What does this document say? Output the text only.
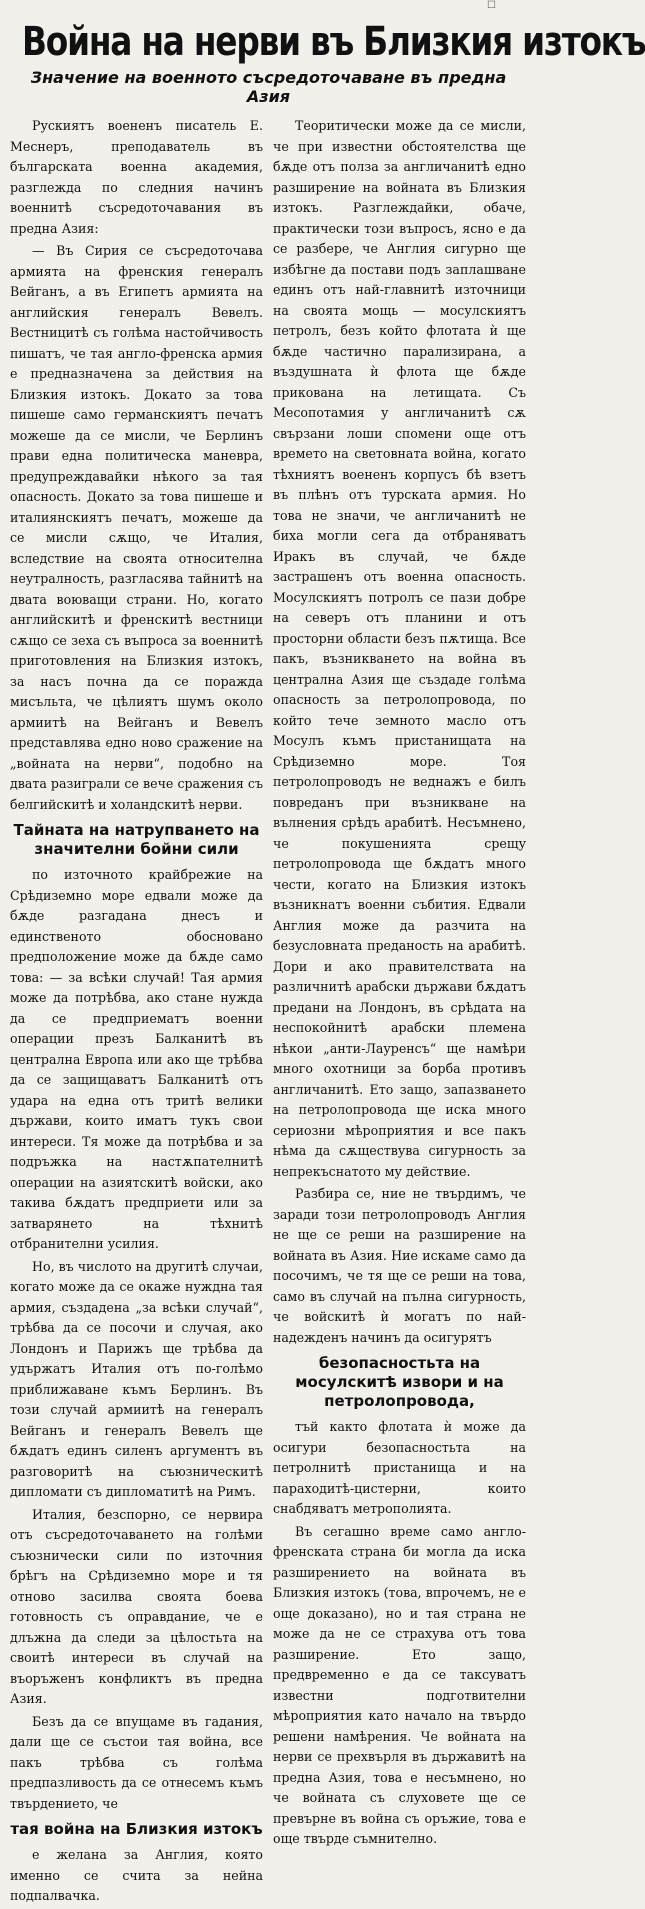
☐
Война на нерви въ Близкия изтокъ
Значение на военното съсредоточаване въ предна Азия

Рускиятъ воененъ писатель Е. Меснеръ, преподаватель въ българската военна академия, разглежда по следния начинъ военнитѣ съсредоточавания въ предна Азия:

— Въ Сирия се съсредоточава армията на френския генералъ Вейганъ, а въ Египетъ армията на английския генералъ Вевелъ. Вестницитѣ съ голѣма настойчивость пишатъ, че тая англо-френска армия е предназначена за действия на Близкия изтокъ. Докато за това пишеше само германскиятъ печатъ можеше да се мисли, че Берлинъ прави една политическа маневра, предупреждавайки нѣкого за тая опасность. Докато за това пишеше и италиянскиятъ печатъ, можеше да се мисли сѫщо, че Италия, вследствие на своята относителна неутралность, разгласява тайнитѣ на двата воюващи страни. Но, когато английскитѣ и френскитѣ вестници сѫщо се зеха съ въпроса за военнитѣ приготовления на Близкия изтокъ, за насъ почна да се поражда мисъльта, че цѣлиятъ шумъ около армиитѣ на Вейганъ и Вевелъ представлява едно ново сражение на „войната на нерви“, подобно на двата разиграли се вече сражения съ белгийскитѣ и холандскитѣ нерви.

Тайната на натрупването на значителни бойни сили

по източното крайбрежие на Срѣдиземно море едвали може да бѫде разгадана днесъ и единственото обосновано предположение може да бѫде само това: — за всѣки случай! Тая армия може да потрѣбва, ако стане нужда да се предприематъ военни операции презъ Балканитѣ въ централна Европа или ако ще трѣбва да се защищаватъ Балканитѣ отъ удара на една отъ тритѣ велики държави, които иматъ тукъ свои интереси. Тя може да потрѣбва и за подръжка на настѫпателнитѣ операции на азиятскитѣ войски, ако такива бѫдатъ предприети или за затварянето на тѣхнитѣ отбранителни усилия.

Но, въ числото на другитѣ случаи, когато може да се окаже нуждна тая армия, създадена „за всѣки случай“, трѣбва да се посочи и случая, ако Лондонъ и Парижъ ще трѣбва да удържатъ Италия отъ по-голѣмо приближаване къмъ Берлинъ. Въ този случай армиитѣ на генералъ Вейганъ и генералъ Вевелъ ще бѫдатъ единъ силенъ аргументъ въ разговоритѣ на съюзническитѣ дипломати съ дипломатитѣ на Римъ.

Италия, безспорно, се нервира отъ съсредоточаването на голѣми съюзнически сили по източния брѣгъ на Срѣдиземно море и тя отново засилва своята боева готовность съ оправдание, че е длъжна да следи за цѣлостьта на своитѣ интереси въ случай на въоръженъ конфликтъ въ предна Азия.

Безъ да се впущаме въ гадания, дали ще се състои тая война, все пакъ трѣбва съ голѣма предпазливость да се отнесемъ къмъ твърдението, че

тая война на Близкия изтокъ

е желана за Англия, която именно се счита за нейна подпалвачка.

Теоритически може да се мисли, че при известни обстоятелства ще бѫде отъ полза за англичанитѣ едно разширение на войната въ Близкия изтокъ. Разглеждайки, обаче, практически този въпросъ, ясно е да се разбере, че Англия сигурно ще избѣгне да постави подъ заплашване единъ отъ най-главнитѣ източници на своята мощь — мосулскиятъ петролъ, безъ който флотата ѝ ще бѫде частично парализирана, а въздушната ѝ флота ще бѫде прикована на летищата. Съ Месопотамия у англичанитѣ сѫ свързани лоши спомени още отъ времето на световната война, когато тѣхниятъ воененъ корпусъ бѣ взетъ въ плѣнъ отъ турската армия. Но това не значи, че англичанитѣ не биха могли сега да отбраняватъ Иракъ въ случай, че бѫде застрашенъ отъ военна опасность. Мосулскиятъ потролъ се пази добре на северъ отъ планини и отъ просторни области безъ пѫтища. Все пакъ, възникването на война въ централна Азия ще създаде голѣма опасность за петролопровода, по който тече земното масло отъ Мосулъ къмъ пристанищата на Срѣдиземно море. Тоя петролопроводъ не веднажъ е билъ повреданъ при възникване на вълнения срѣдъ арабитѣ. Несъмнено, че покушенията срещу петролопровода ще бѫдатъ много чести, когато на Близкия изтокъ възникнатъ военни събития. Едвали Англия може да разчита на безусловната преданость на арабитѣ. Дори и ако правителствата на различнитѣ арабски държави бѫдатъ предани на Лондонъ, въ срѣдата на неспокойнитѣ арабски племена нѣкои „анти-Лауренсъ“ ще намѣри много охотници за борба противъ англичанитѣ. Ето защо, запазването на петролопровода ще иска много сериозни мѣроприятия и все пакъ нѣма да сѫществува сигурность за непрекъснатото му действие.

Разбира се, ние не твърдимъ, че заради този петролопроводъ Англия не ще се реши на разширение на войната въ Азия. Ние искаме само да посочимъ, че тя ще се реши на това, само въ случай на пълна сигурность, че войскитѣ ѝ могатъ по най-надежденъ начинъ да осигурятъ

безопасностьта на мосулскитѣ извори и на петролопровода,

тъй както флотата ѝ може да осигури безопасностьта на петролнитѣ пристанища и на параходитѣ-цистерни, които снабдяватъ метрополията.

Въ сегашно време само англо-френската страна би могла да иска разширението на войната въ Близкия изтокъ (това, впрочемъ, не е още доказано), но и тая страна не може да не се страхува отъ това разширение. Ето защо, предвременно е да се таксуватъ известни подготвителни мѣроприятия като начало на твърдо решени намѣрения. Че войната на нерви се прехвърля въ държавитѣ на предна Азия, това е несъмнено, но че войната съ слуховете ще се превърне въ война съ оръжие, това е още твърде съмнително.
